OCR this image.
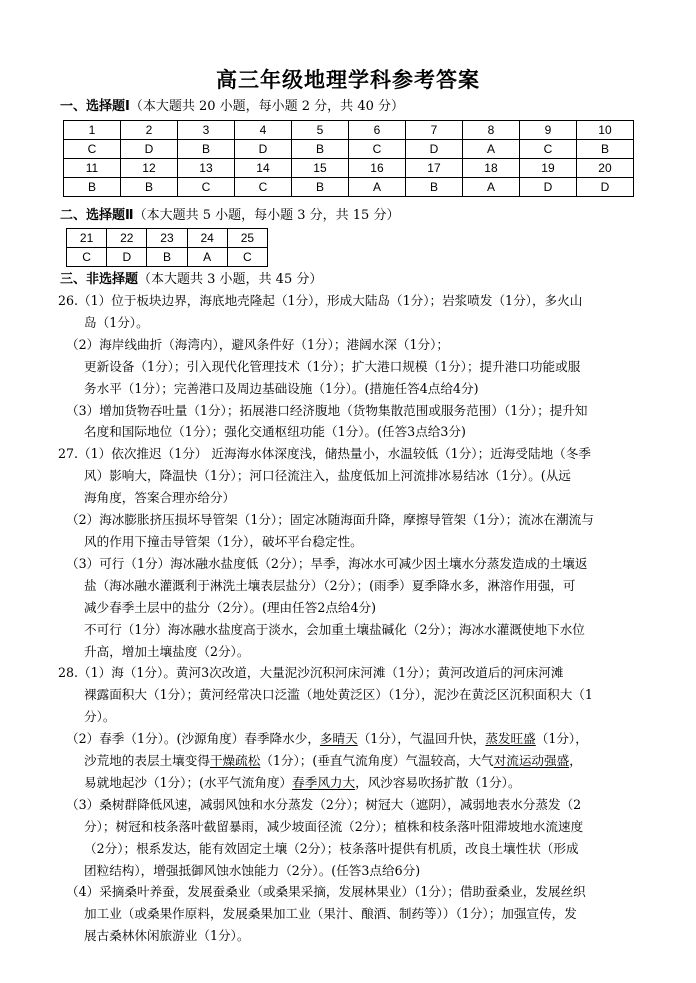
高三年级地理学科参考答案
一、选择题Ⅰ（本大题共 20 小题，每小题 2 分，共 40 分）
1	2	3	4	5	6	7	8	9	10
C	D	B	D	B	C	D	A	C	B
11	12	13	14	15	16	17	18	19	20
B	B	C	C	B	A	B	A	D	D
二、选择题Ⅱ（本大题共 5 小题，每小题 3 分，共 15 分）
21	22	23	24	25
C	D	B	A	C
三、非选择题（本大题共 3 小题，共 45 分）
26.（1）位于板块边界，海底地壳隆起（1分），形成大陆岛（1分）；岩浆喷发（1分），多火山
岛（1分）。
（2）海岸线曲折（海湾内），避风条件好（1分）；港阔水深（1分）；
更新设备（1分）；引入现代化管理技术（1分）；扩大港口规模（1分）；提升港口功能或服
务水平（1分）；完善港口及周边基础设施（1分）。(措施任答4点给4分)
（3）增加货物吞吐量（1分）；拓展港口经济腹地（货物集散范围或服务范围）（1分）；提升知
名度和国际地位（1分）；强化交通枢纽功能（1分）。(任答3点给3分)
27.（1）依次推迟（1分） 近海海水体深度浅，储热量小，水温较低（1分）；近海受陆地（冬季
风）影响大，降温快（1分）；河口径流注入，盐度低加上河流排冰易结冰（1分）。(从远
海角度，答案合理亦给分）
（2）海冰膨胀挤压损坏导管架（1分）；固定冰随海面升降，摩擦导管架（1分）；流冰在潮流与
风的作用下撞击导管架（1分），破坏平台稳定性。
（3）可行（1分）海冰融水盐度低（2分）；旱季，海冰水可减少因土壤水分蒸发造成的土壤返
盐（海冰融水灌溉利于淋洗土壤表层盐分）（2分）；(雨季）夏季降水多，淋溶作用强，可
减少春季土层中的盐分（2分）。(理由任答2点给4分)
不可行（1分）海冰融水盐度高于淡水，会加重土壤盐碱化（2分）；海冰水灌溉使地下水位
升高，增加土壤盐度（2分）。
28.（1）海（1分）。黄河3次改道，大量泥沙沉积河床河滩（1分）；黄河改道后的河床河滩
裸露面积大（1分）；黄河经常决口泛滥（地处黄泛区）（1分），泥沙在黄泛区沉积面积大（1
分）。
（2）春季（1分）。(沙源角度）春季降水少，多晴天（1分），气温回升快，蒸发旺盛（1分），
沙荒地的表层土壤变得干燥疏松（1分）；(垂直气流角度）气温较高，大气对流运动强盛，
易就地起沙（1分）；(水平气流角度）春季风力大，风沙容易吹扬扩散（1分）。
（3）桑树群降低风速，减弱风蚀和水分蒸发（2分）；树冠大（遮阴），减弱地表水分蒸发（2
分）；树冠和枝条落叶截留暴雨，减少坡面径流（2分）；植株和枝条落叶阻滞坡地水流速度
（2分）；根系发达，能有效固定土壤（2分）；枝条落叶提供有机质，改良土壤性状（形成
团粒结构），增强抵御风蚀水蚀能力（2分）。(任答3点给6分)
（4）采摘桑叶养蚕，发展蚕桑业（或桑果采摘，发展林果业）（1分）；借助蚕桑业，发展丝织
加工业（或桑果作原料，发展桑果加工业（果汁、酿酒、制药等））（1分）；加强宣传，发
展古桑林休闲旅游业（1分）。
